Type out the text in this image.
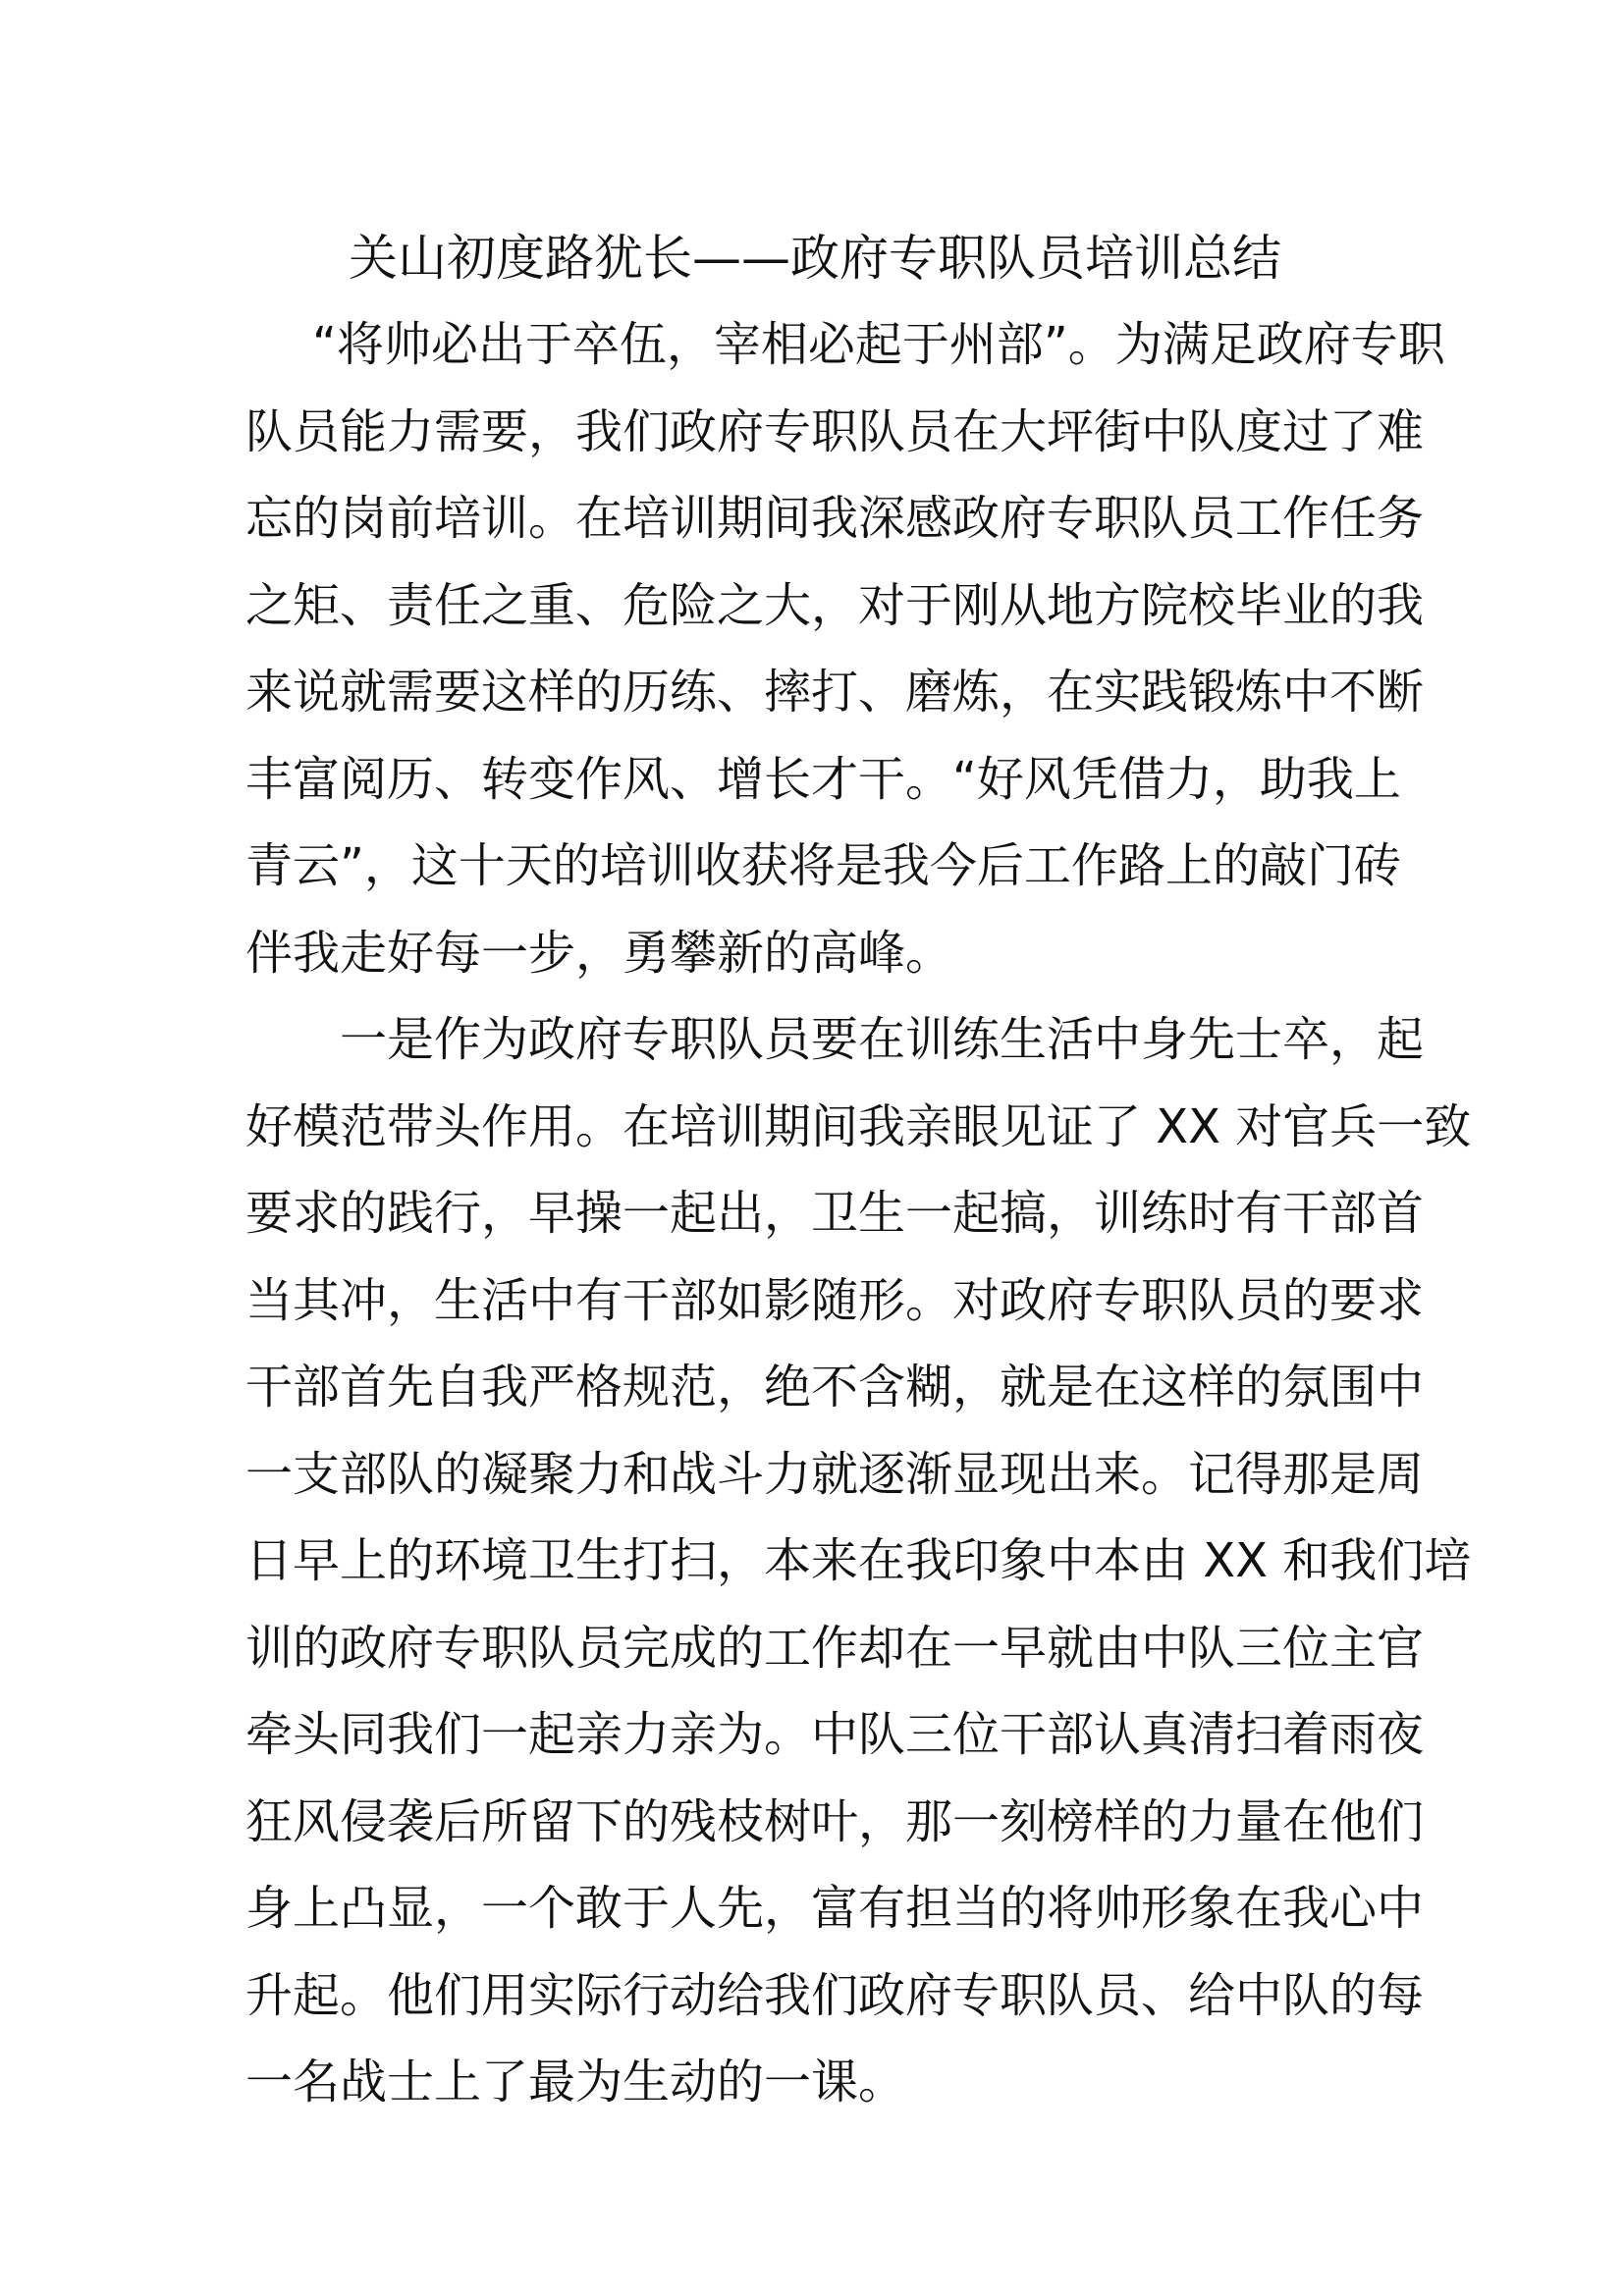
关山初度路犹长——政府专职队员培训总结
“将帅必出于卒伍，宰相必起于州部”。为满足政府专职
队员能力需要，我们政府专职队员在大坪街中队度过了难
忘的岗前培训。在培训期间我深感政府专职队员工作任务
之矩、责任之重、危险之大，对于刚从地方院校毕业的我
来说就需要这样的历练、摔打、磨炼，在实践锻炼中不断
丰富阅历、转变作风、增长才干。“好风凭借力，助我上
青云”，这十天的培训收获将是我今后工作路上的敲门砖
伴我走好每一步，勇攀新的高峰。
一是作为政府专职队员要在训练生活中身先士卒，起
好模范带头作用。在培训期间我亲眼见证了 XX 对官兵一致
要求的践行，早操一起出，卫生一起搞，训练时有干部首
当其冲，生活中有干部如影随形。对政府专职队员的要求
干部首先自我严格规范，绝不含糊，就是在这样的氛围中
一支部队的凝聚力和战斗力就逐渐显现出来。记得那是周
日早上的环境卫生打扫，本来在我印象中本由 XX 和我们培
训的政府专职队员完成的工作却在一早就由中队三位主官
牵头同我们一起亲力亲为。中队三位干部认真清扫着雨夜
狂风侵袭后所留下的残枝树叶，那一刻榜样的力量在他们
身上凸显，一个敢于人先，富有担当的将帅形象在我心中
升起。他们用实际行动给我们政府专职队员、给中队的每
一名战士上了最为生动的一课。
